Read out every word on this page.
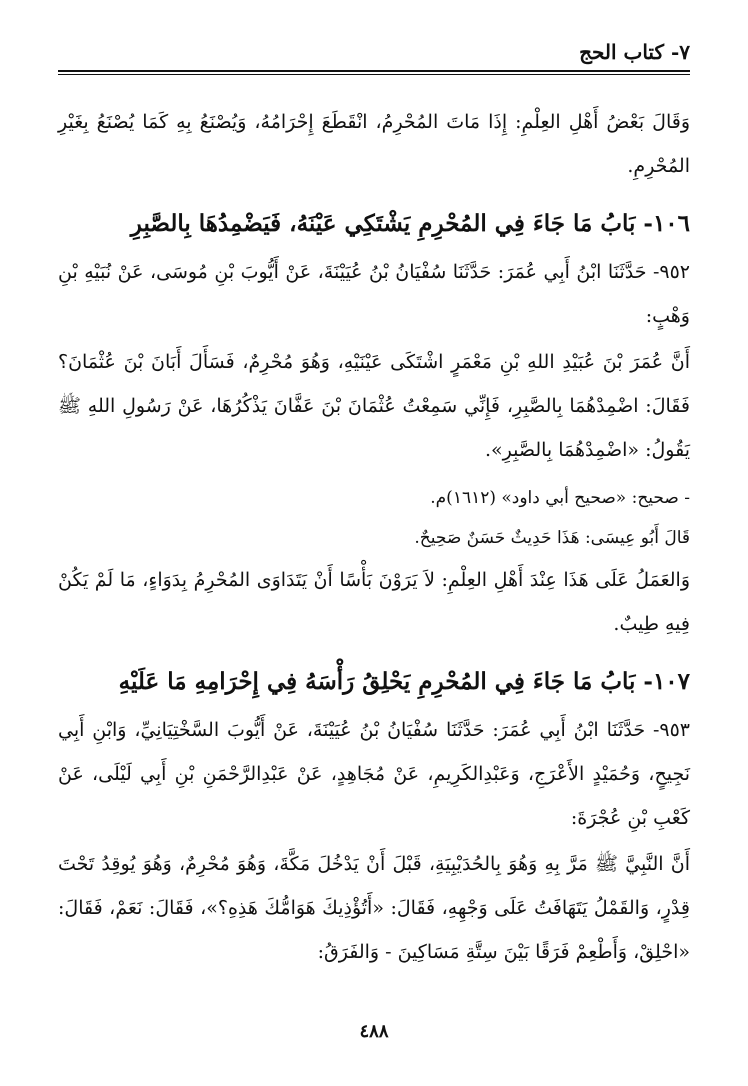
٧- كتاب الحج

وَقَالَ بَعْضُ أَهْلِ العِلْمِ: إِذَا مَاتَ المُحْرِمُ، انْقَطَعَ إِحْرَامُهُ، وَيُصْنَعُ بِهِ كَمَا يُصْنَعُ بِغَيْرِ المُحْرِمِ.

١٠٦- بَابُ مَا جَاءَ فِي المُحْرِمِ يَشْتَكِي عَيْنَهُ، فَيَضْمِدُهَا بِالصَّبِرِ

٩٥٢- حَدَّثَنَا ابْنُ أَبِي عُمَرَ: حَدَّثَنَا سُفْيَانُ بْنُ عُيَيْنَةَ، عَنْ أَيُّوبَ بْنِ مُوسَى، عَنْ نُبَيْهِ بْنِ وَهْبٍ:

أَنَّ عُمَرَ بْنَ عُبَيْدِ اللهِ بْنِ مَعْمَرٍ اشْتَكَى عَيْنَيْهِ، وَهُوَ مُحْرِمٌ، فَسَأَلَ أَبَانَ بْنَ عُثْمَانَ؟ فَقَالَ: اضْمِدْهُمَا بِالصَّبِرِ، فَإِنِّي سَمِعْتُ عُثْمَانَ بْنَ عَفَّانَ يَذْكُرُهَا، عَنْ رَسُولِ اللهِ ﷺ يَقُولُ: «اضْمِدْهُمَا بِالصَّبِرِ».

- صحيح: «صحيح أبي داود» (١٦١٢)م.

قَالَ أَبُو عِيسَى: هَذَا حَدِيثٌ حَسَنٌ صَحِيحٌ.

وَالعَمَلُ عَلَى هَذَا عِنْدَ أَهْلِ العِلْمِ: لاَ يَرَوْنَ بَأْسًا أَنْ يَتَدَاوَى المُحْرِمُ بِدَوَاءٍ، مَا لَمْ يَكُنْ فِيهِ طِيبٌ.

١٠٧- بَابُ مَا جَاءَ فِي المُحْرِمِ يَحْلِقُ رَأْسَهُ فِي إِحْرَامِهِ مَا عَلَيْهِ

٩٥٣- حَدَّثَنَا ابْنُ أَبِي عُمَرَ: حَدَّثَنَا سُفْيَانُ بْنُ عُيَيْنَةَ، عَنْ أَيُّوبَ السَّخْتِيَانِيِّ، وَابْنِ أَبِي نَجِيحٍ، وَحُمَيْدٍ الأَعْرَجِ، وَعَبْدِالكَرِيمِ، عَنْ مُجَاهِدٍ، عَنْ عَبْدِالرَّحْمَنِ بْنِ أَبِي لَيْلَى، عَنْ كَعْبِ بْنِ عُجْرَةَ:

أَنَّ النَّبِيَّ ﷺ مَرَّ بِهِ وَهُوَ بِالحُدَيْبِيَةِ، قَبْلَ أَنْ يَدْخُلَ مَكَّةَ، وَهُوَ مُحْرِمٌ، وَهُوَ يُوقِدُ تَحْتَ قِدْرٍ، وَالقَمْلُ يَتَهَافَتُ عَلَى وَجْهِهِ، فَقَالَ: «أَتُؤْذِيكَ هَوَامُّكَ هَذِهِ؟»، فَقَالَ: نَعَمْ، فَقَالَ: «احْلِقْ، وَأَطْعِمْ فَرَقًا بَيْنَ سِتَّةِ مَسَاكِينَ - وَالفَرَقُ:

٤٨٨
